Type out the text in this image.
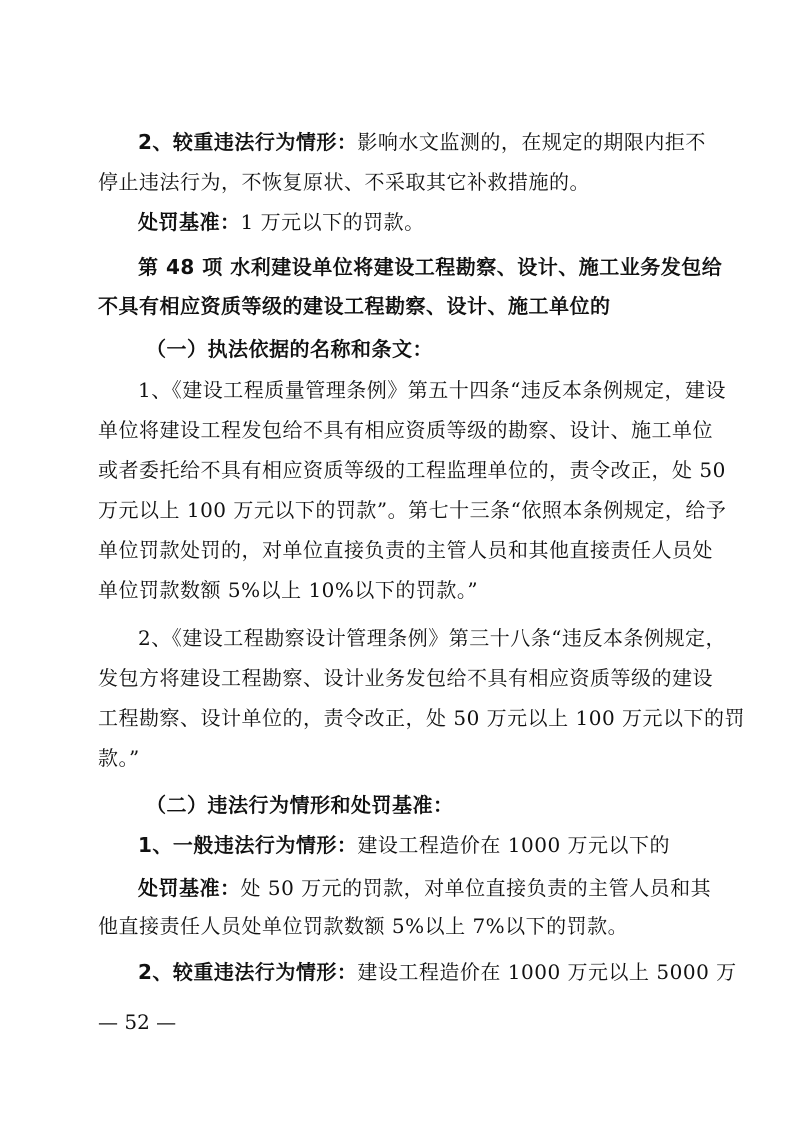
2、较重违法行为情形：影响水文监测的，在规定的期限内拒不
停止违法行为，不恢复原状、不采取其它补救措施的。
处罚基准：1 万元以下的罚款。
第 48 项 水利建设单位将建设工程勘察、设计、施工业务发包给
不具有相应资质等级的建设工程勘察、设计、施工单位的
（一）执法依据的名称和条文：
1、《建设工程质量管理条例》第五十四条“违反本条例规定，建设
单位将建设工程发包给不具有相应资质等级的勘察、设计、施工单位
或者委托给不具有相应资质等级的工程监理单位的，责令改正，处 50
万元以上 100 万元以下的罚款”。第七十三条“依照本条例规定，给予
单位罚款处罚的，对单位直接负责的主管人员和其他直接责任人员处
单位罚款数额 5%以上 10%以下的罚款。”
2、《建设工程勘察设计管理条例》第三十八条“违反本条例规定，
发包方将建设工程勘察、设计业务发包给不具有相应资质等级的建设
工程勘察、设计单位的，责令改正，处 50 万元以上 100 万元以下的罚
款。”
（二）违法行为情形和处罚基准：
1、一般违法行为情形：建设工程造价在 1000 万元以下的
处罚基准：处 50 万元的罚款，对单位直接负责的主管人员和其
他直接责任人员处单位罚款数额 5%以上 7%以下的罚款。
2、较重违法行为情形：建设工程造价在 1000 万元以上 5000 万
— 52 —
